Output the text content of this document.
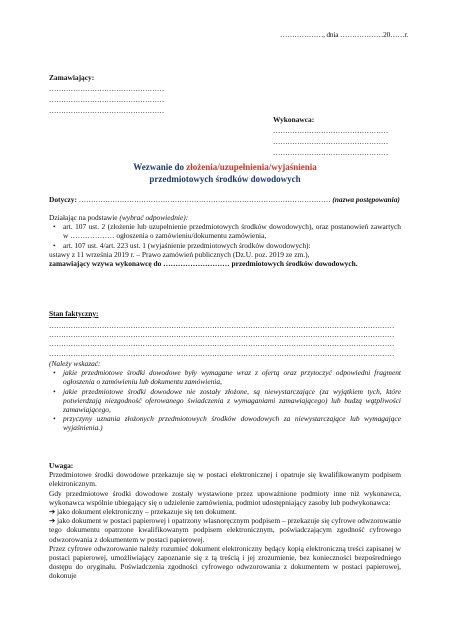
………………, dnia ………………20……r.
Zamawiający:
…………………………………………
…………………………………………
…………………………………………
Wykonawca:
…………………………………………
…………………………………………
…………………………………………
Wezwanie do złożenia/uzupełnienia/wyjaśnienia
przedmiotowych środków dowodowych
Dotyczy: …………………………………………………………………………………………… (nazwa postępowania)
Działając na podstawie (wybrać odpowiednie):
• art. 107 ust. 2 (złożenie lub uzupełnienie przedmiotowych środków dowodowych), oraz postanowień zawartych w ……………… ogłoszenia o zamówieniu/dokumentu zamówienia,
• art. 107 ust. 4/art. 223 ust. 1 (wyjaśnienie przedmiotowych środków dowodowych):
ustawy z 11 września 2019 r. – Prawo zamówień publicznych (Dz.U. poz. 2019 ze zm.),
zamawiający wzywa wykonawcę do ……………………… przedmiotowych środków dowodowych.
Stan faktyczny:
………………………………………………………………………………………………………………………………
………………………………………………………………………………………………………………………………
………………………………………………………………………………………………………………………………
………………………………………………………………………………………………………………………………
(Należy wskazać:
• jakie przedmiotowe środki dowodowe były wymagane wraz z ofertą oraz przytoczyć odpowiedni fragment ogłoszenia o zamówieniu lub dokumentu zamówienia,
• jakie przedmiotowe środki dowodowe nie zostały złożone, są niewystarczające (za wyjątkiem tych, które potwierdzają niezgodność oferowanego świadczenia z wymaganiami zamawiającego) lub budzą wątpliwości zamawiającego,
• przyczyny uznania złożonych przedmiotowych środków dowodowych za niewystarczające lub wymagające wyjaśnienia.)
Uwaga:
Przedmiotowe środki dowodowe przekazuje się w postaci elektronicznej i opatruje się kwalifikowanym podpisem elektronicznym.
Gdy przedmiotowe środki dowodowe zostały wystawione przez upoważnione podmioty inne niż wykonawca, wykonawca wspólnie ubiegający się o udzielenie zamówienia, podmiot udostępniający zasoby lub podwykonawca:
➔ jako dokument elektroniczny – przekazuje się ten dokument.
➔ jako dokument w postaci papierowej i opatrzony własnoręcznym podpisem – przekazuje się cyfrowe odwzorowanie tego dokumentu opatrzone kwalifikowanym podpisem elektronicznym, poświadczającym zgodność cyfrowego odwzorowania z dokumentem w postaci papierowej.
Przez cyfrowe odwzorowanie należy rozumieć dokument elektroniczny będący kopią elektroniczną treści zapisanej w postaci papierowej, umożliwiający zapoznanie się z tą treścią i jej zrozumienie, bez konieczności bezpośredniego dostępu do oryginału. Poświadczenia zgodności cyfrowego odwzorowania z dokumentem w postaci papierowej, dokonuje
